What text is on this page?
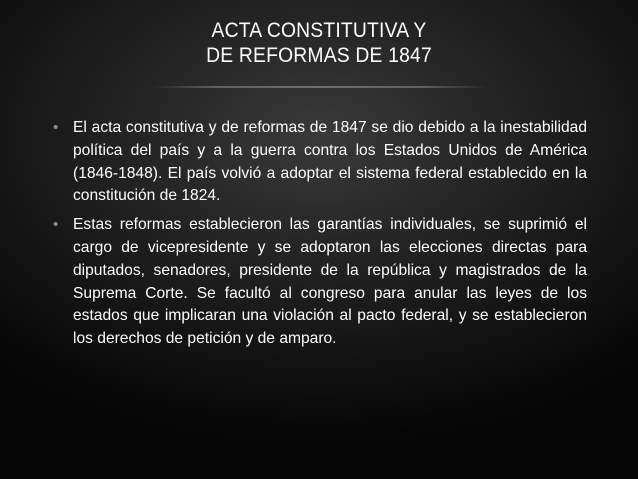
ACTA CONSTITUTIVA Y
DE REFORMAS DE 1847
• El acta constitutiva y de reformas de 1847 se dio debido a la inestabilidad política del país y a la guerra contra los Estados Unidos de América (1846-1848). El país volvió a adoptar el sistema federal establecido en la constitución de 1824.
• Estas reformas establecieron las garantías individuales, se suprimió el cargo de vicepresidente y se adoptaron las elecciones directas para diputados, senadores, presidente de la república y magistrados de la Suprema Corte. Se facultó al congreso para anular las leyes de los estados que implicaran una violación al pacto federal, y se establecieron los derechos de petición y de amparo.
